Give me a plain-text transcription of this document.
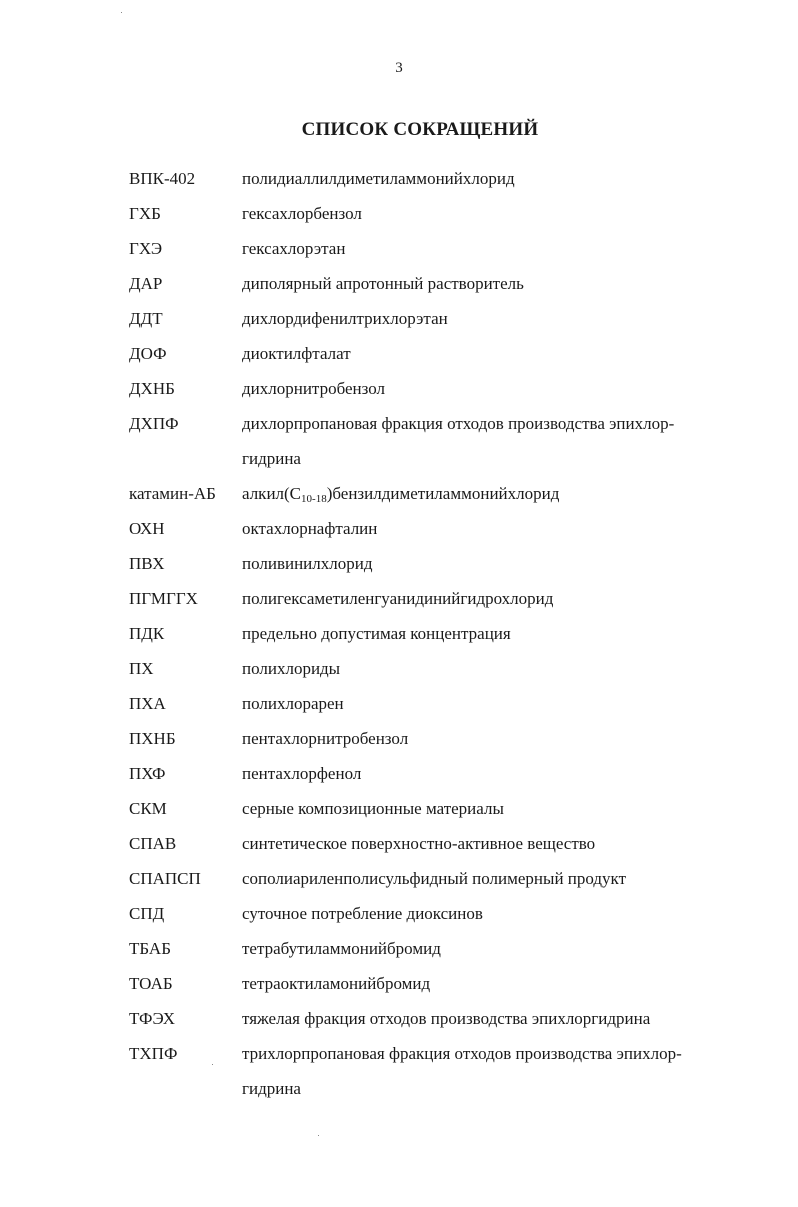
3
СПИСОК СОКРАЩЕНИЙ
ВПК-402	полидиаллилдиметиламмонийхлорид
ГХБ	гексахлорбензол
ГХЭ	гексахлорэтан
ДАР	диполярный апротонный растворитель
ДДТ	дихлордифенилтрихлорэтан
ДОФ	диоктилфталат
ДХНБ	дихлорнитробензол
ДХПФ	дихлорпропановая фракция отходов производства эпихлор-
гидрина
катамин-АБ $алкил(C_{10-18})бензилдиметиламмонийхлорид$
ОХН	октахлорнафталин
ПВХ	поливинилхлорид
ПГМГГХ	полигексаметиленгуанидинийгидрохлорид
ПДК	предельно допустимая концентрация
ПХ	полихлориды
ПХА	полихлорарен
ПХНБ	пентахлорнитробензол
ПХФ	пентахлорфенол
СКМ	серные композиционные материалы
СПАВ	синтетическое поверхностно-активное вещество
СПАПСП сополиариленполисульфидный полимерный продукт
СПД	суточное потребление диоксинов
ТБАБ	тетрабутиламмонийбромид
ТОАБ	тетраоктиламонийбромид
ТФЭХ	тяжелая фракция отходов производства эпихлоргидрина
ТХПФ	трихлорпропановая фракция отходов производства эпихлор-
гидрина
